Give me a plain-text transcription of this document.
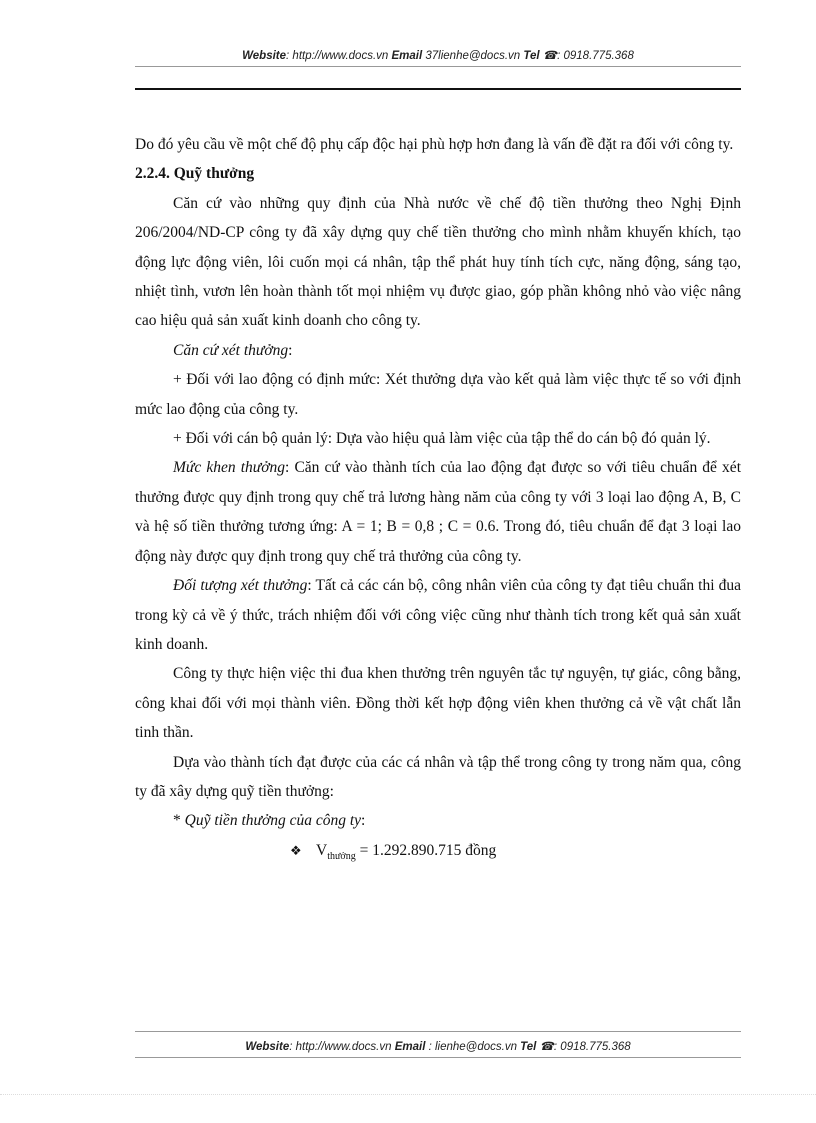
Website: http://www.docs.vn Email 37lienhe@docs.vn Tel ☎: 0918.775.368

Do đó yêu cầu về một chế độ phụ cấp độc hại phù hợp hơn đang là vấn đề đặt ra đối với công ty.

2.2.4. Quỹ thưởng

Căn cứ vào những quy định của Nhà nước về chế độ tiền thưởng theo Nghị Định 206/2004/ND-CP công ty đã xây dựng quy chế tiền thưởng cho mình nhằm khuyến khích, tạo động lực động viên, lôi cuốn mọi cá nhân, tập thể phát huy tính tích cực, năng động, sáng tạo, nhiệt tình, vươn lên hoàn thành tốt mọi nhiệm vụ được giao, góp phần không nhỏ vào việc nâng cao hiệu quả sản xuất kinh doanh cho công ty.

Căn cứ xét thưởng:

+ Đối với lao động có định mức: Xét thưởng dựa vào kết quả làm việc thực tế so với định mức lao động của công ty.

+ Đối với cán bộ quản lý: Dựa vào hiệu quả làm việc của tập thể do cán bộ đó quản lý.

Mức khen thưởng: Căn cứ vào thành tích của lao động đạt được so với tiêu chuẩn để xét thưởng được quy định trong quy chế trả lương hàng năm của công ty với 3 loại lao động A, B, C và hệ số tiền thưởng tương ứng: A = 1; B = 0,8 ; C = 0.6. Trong đó, tiêu chuẩn để đạt 3 loại lao động này được quy định trong quy chế trả thưởng của công ty.

Đối tượng xét thưởng: Tất cả các cán bộ, công nhân viên của công ty đạt tiêu chuẩn thi đua trong kỳ cả về ý thức, trách nhiệm đối với công việc cũng như thành tích trong kết quả sản xuất kinh doanh.

Công ty thực hiện việc thi đua khen thưởng trên nguyên tắc tự nguyện, tự giác, công bằng, công khai đối với mọi thành viên. Đồng thời kết hợp động viên khen thưởng cả về vật chất lẫn tinh thần.

Dựa vào thành tích đạt được của các cá nhân và tập thể trong công ty trong năm qua, công ty đã xây dựng quỹ tiền thưởng:

* Quỹ tiền thưởng của công ty:

❖ $V_{thưởng} = 1.292.890.715$ đồng

Website: http://www.docs.vn Email : lienhe@docs.vn Tel ☎: 0918.775.368
